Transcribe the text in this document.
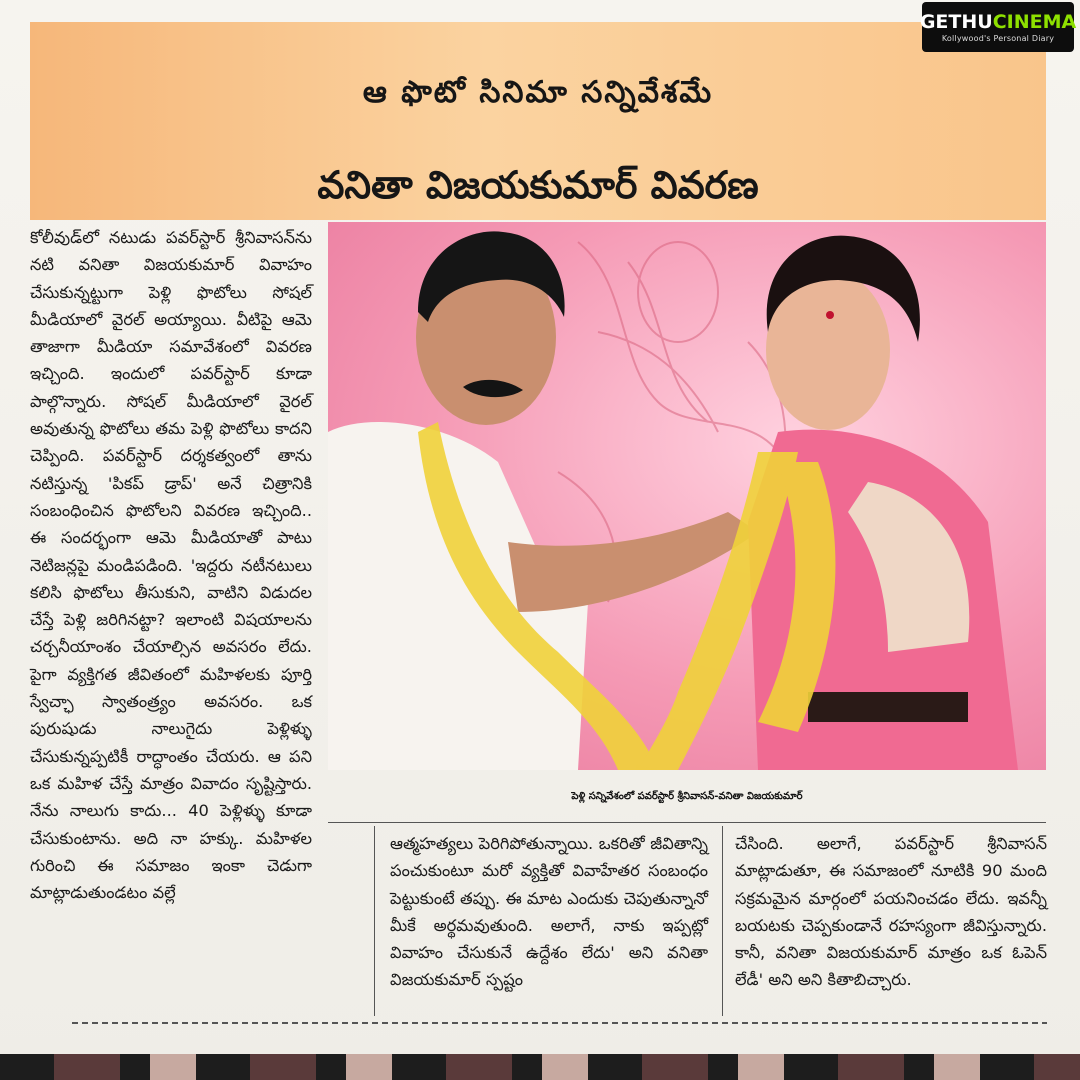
ఆ ఫొటో సినిమా సన్నివేశమే
వనితా విజయకుమార్ వివరణ
GETHUCINEMA
Kollywood's Personal Diary

కోలీవుడ్‌లో నటుడు పవర్‌స్టార్ శ్రీనివాసన్‌ను నటి వనితా విజయకుమార్ వివాహం చేసుకున్నట్టుగా పెళ్లి ఫొటోలు సోషల్ మీడియాలో వైరల్ అయ్యాయి. వీటిపై ఆమె తాజాగా మీడియా సమావేశంలో వివరణ ఇచ్చింది. ఇందులో పవర్‌స్టార్ కూడా పాల్గొన్నారు. సోషల్ మీడియాలో వైరల్ అవుతున్న ఫొటోలు తమ పెళ్లి ఫొటోలు కాదని చెప్పింది. పవర్‌స్టార్ దర్శకత్వంలో తాను నటిస్తున్న 'పికప్ డ్రాప్' అనే చిత్రానికి సంబంధించిన ఫొటోలని వివరణ ఇచ్చింది.. ఈ సందర్భంగా ఆమె మీడియాతో పాటు నెటిజన్లపై మండిపడింది. 'ఇద్దరు నటీనటులు కలిసి ఫొటోలు తీసుకుని, వాటిని విడుదల చేస్తే పెళ్లి జరిగినట్టా? ఇలాంటి విషయాలను చర్చనీయాంశం చేయాల్సిన అవసరం లేదు. పైగా వ్యక్తిగత జీవితంలో మహిళలకు పూర్తి స్వేచ్ఛా స్వాతంత్ర్యం అవసరం. ఒక పురుషుడు నాలుగైదు పెళ్లిళ్ళు చేసుకున్నప్పటికీ రాద్ధాంతం చేయరు. ఆ పని ఒక మహిళ చేస్తే మాత్రం వివాదం సృష్టిస్తారు. నేను నాలుగు కాదు... 40 పెళ్లిళ్ళు కూడా చేసుకుంటాను. అది నా హక్కు. మహిళల గురించి ఈ సమాజం ఇంకా చెడుగా మాట్లాడుతుండటం వల్లే

పెళ్లి సన్నివేశంలో పవర్‌స్టార్ శ్రీనివాసన్-వనితా విజయకుమార్

ఆత్మహత్యలు పెరిగిపోతున్నాయి. ఒకరితో జీవితాన్ని పంచుకుంటూ మరో వ్యక్తితో వివాహేతర సంబంధం పెట్టుకుంటే తప్పు. ఈ మాట ఎందుకు చెపుతున్నానో మీకే అర్థమవుతుంది. అలాగే, నాకు ఇప్పట్లో వివాహం చేసుకునే ఉద్దేశం లేదు' అని వనితా విజయకుమార్ స్పష్టం

చేసింది. అలాగే, పవర్‌స్టార్ శ్రీనివాసన్ మాట్లాడుతూ, ఈ సమాజంలో నూటికి 90 మంది సక్రమమైన మార్గంలో పయనించడం లేదు. ఇవన్నీ బయటకు చెప్పకుండానే రహస్యంగా జీవిస్తున్నారు. కానీ, వనితా విజయకుమార్ మాత్రం ఒక ఓపెన్ లేడీ' అని అని కితాబిచ్చారు.
